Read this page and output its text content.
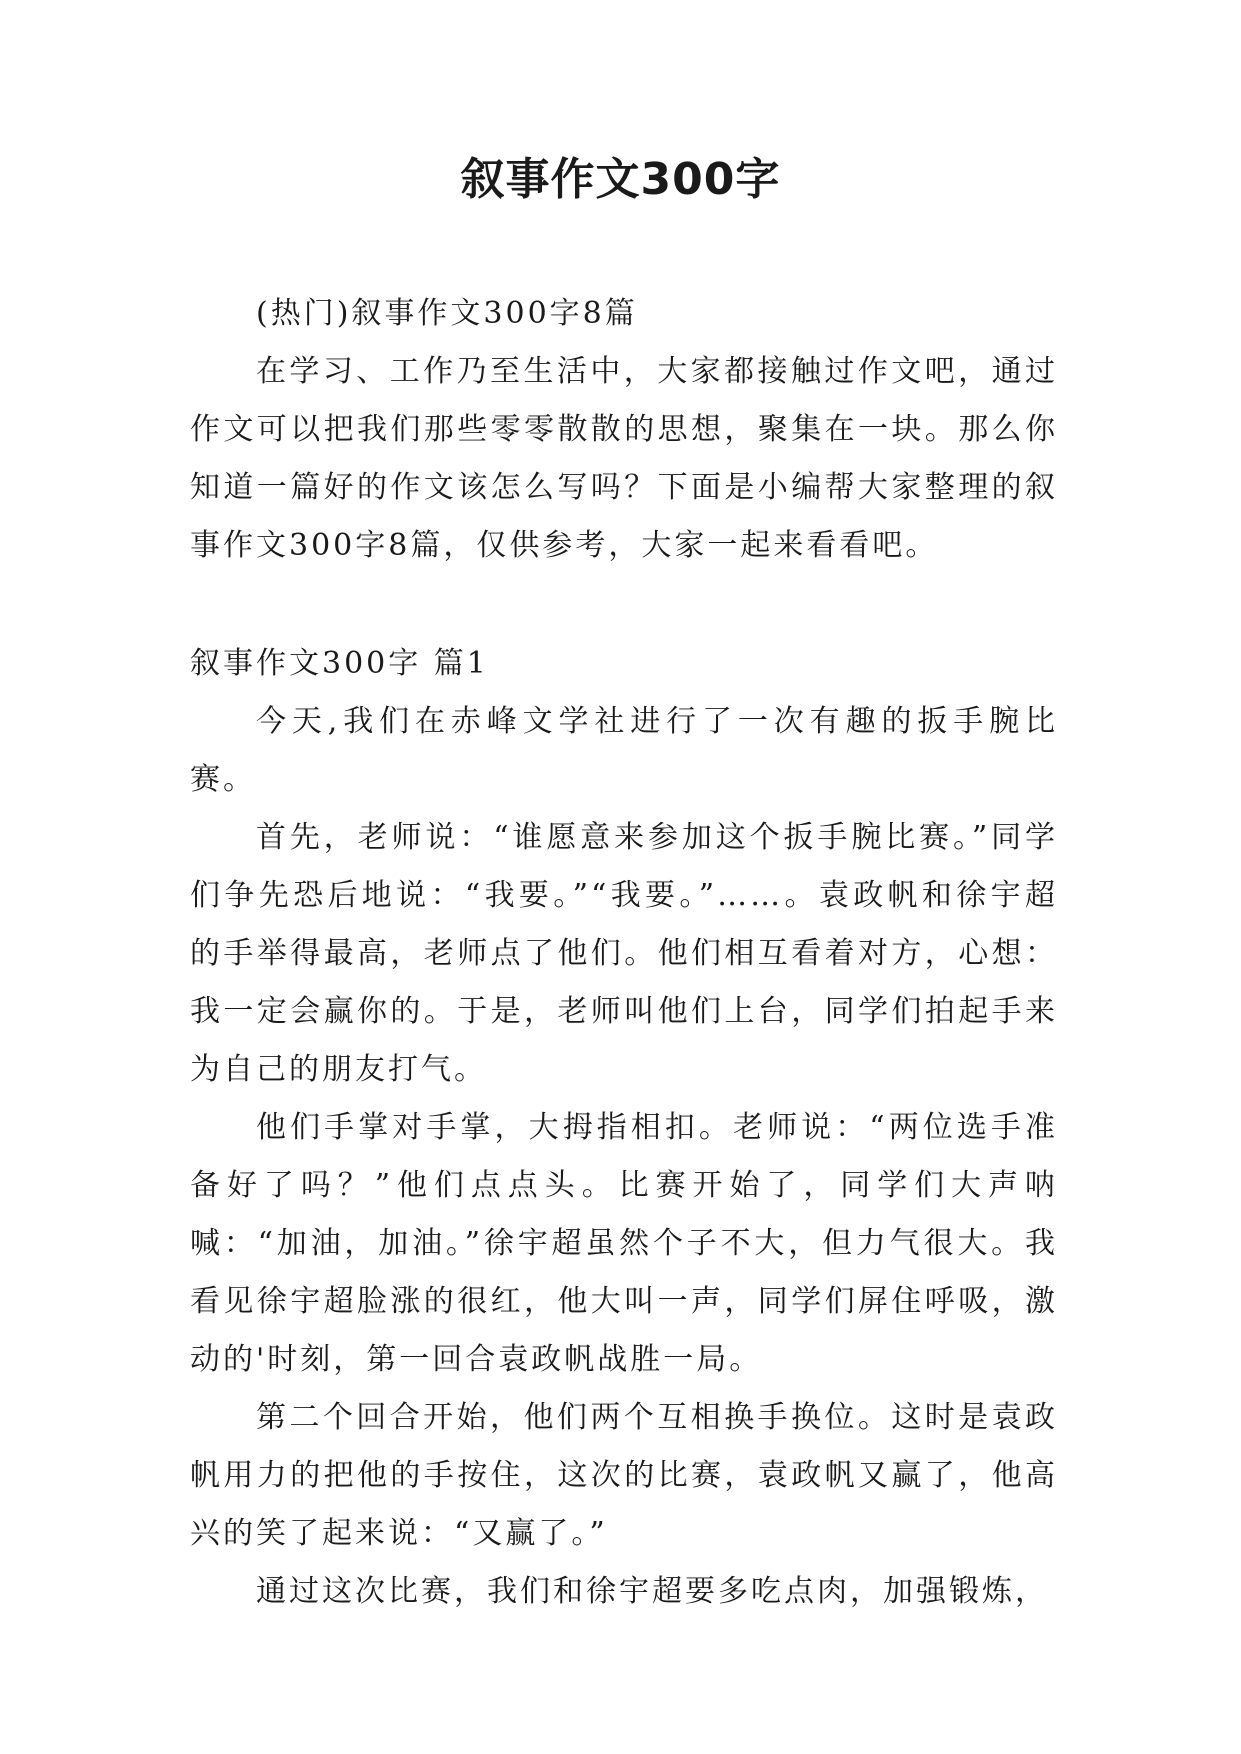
叙事作文300字

(热门)叙事作文300字8篇

在学习、工作乃至生活中，大家都接触过作文吧，通过作文可以把我们那些零零散散的思想，聚集在一块。那么你知道一篇好的作文该怎么写吗？下面是小编帮大家整理的叙事作文300字8篇，仅供参考，大家一起来看看吧。

叙事作文300字 篇1

今天,我们在赤峰文学社进行了一次有趣的扳手腕比赛。

首先，老师说：“谁愿意来参加这个扳手腕比赛。”同学们争先恐后地说：“我要。”“我要。”……。袁政帆和徐宇超的手举得最高，老师点了他们。他们相互看着对方，心想：我一定会赢你的。于是，老师叫他们上台，同学们拍起手来为自己的朋友打气。

他们手掌对手掌，大拇指相扣。老师说：“两位选手准备好了吗？”他们点点头。比赛开始了，同学们大声呐喊：“加油，加油。”徐宇超虽然个子不大，但力气很大。我看见徐宇超脸涨的很红，他大叫一声，同学们屏住呼吸，激动的'时刻，第一回合袁政帆战胜一局。

第二个回合开始，他们两个互相换手换位。这时是袁政帆用力的把他的手按住，这次的比赛，袁政帆又赢了，他高兴的笑了起来说：“又赢了。”

通过这次比赛，我们和徐宇超要多吃点肉，加强锻炼，
